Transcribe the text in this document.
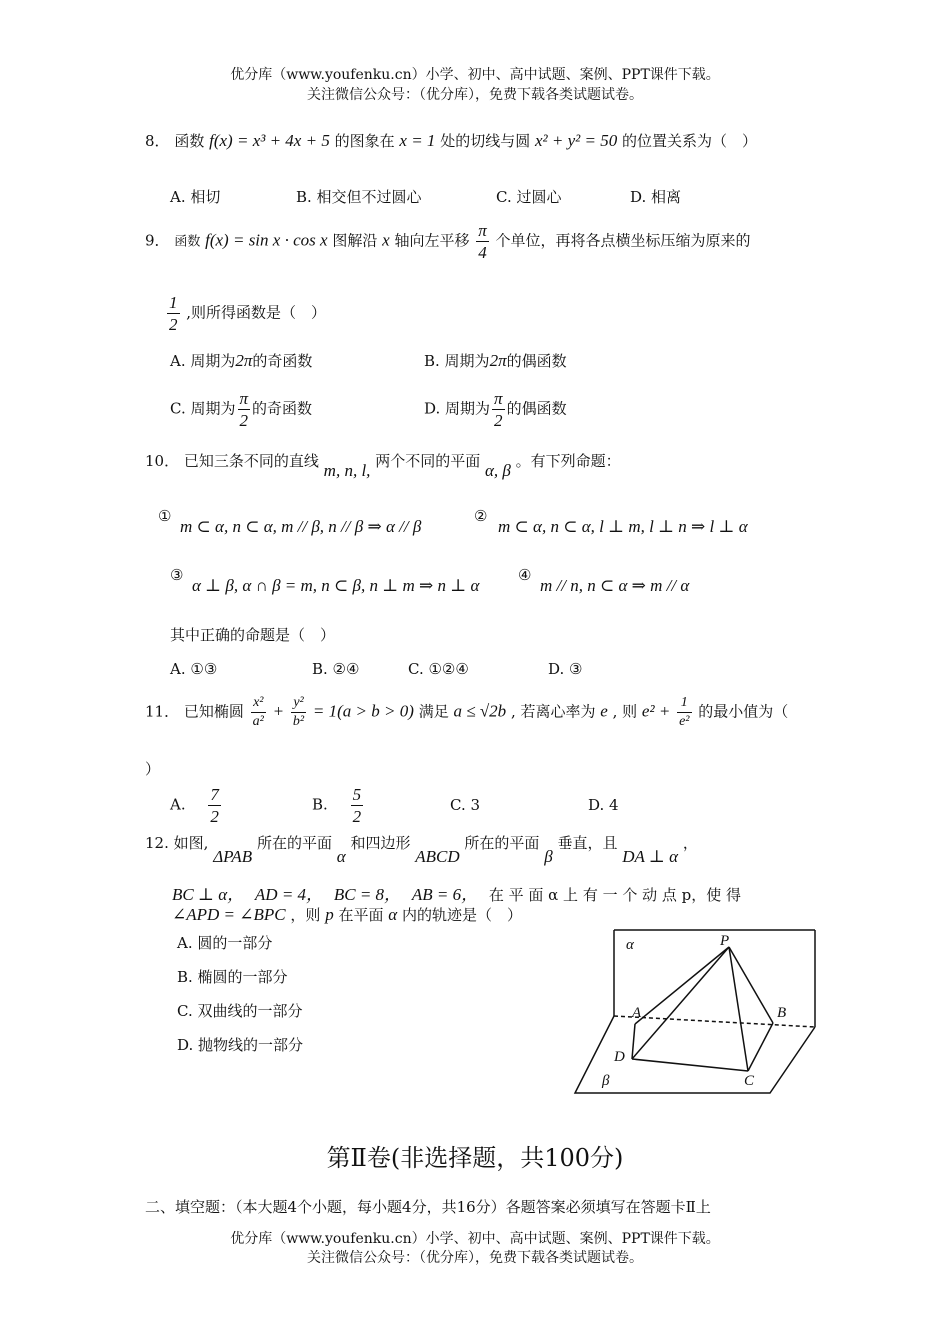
优分库（www.youfenku.cn）小学、初中、高中试题、案例、PPT课件下载。
关注微信公众号：（优分库），免费下载各类试题试卷。
8． 函数 f(x) = x³ + 4x + 5 的图象在 x = 1 处的切线与圆 x² + y² = 50 的位置关系为（　）
A. 相切	B. 相交但不过圆心	C. 过圆心	D. 相离
9． 函数 f(x) = sin x · cos x 图解沿 x 轴向左平移 $\frac{\pi}{4}$ 个单位，再将各点横坐标压缩为原来的
$\frac{1}{2}$ ,则所得函数是（　）
A. 周期为2π的奇函数	B. 周期为2π的偶函数
C. 周期为 $\frac{\pi}{2}$ 的奇函数	D. 周期为 $\frac{\pi}{2}$ 的偶函数
10． 已知三条不同的直线 m, n, l, 两个不同的平面 α, β 。有下列命题：
①
m ⊂ α, n ⊂ α, m // β, n // β ⇒ α // β
②
m ⊂ α, n ⊂ α, l ⊥ m, l ⊥ n ⇒ l ⊥ α
③
α ⊥ β, α ∩ β = m, n ⊂ β, n ⊥ m ⇒ n ⊥ α
④
m // n, n ⊂ α ⇒ m // α
其中正确的命题是（　）
A. ①③	B. ②④	C. ①②④	D. ③
11． 已知椭圆 $\frac{\text{x²}}{\text{a²}} + \frac{\text{y²}}{\text{b²}} = 1(a > b > 0)$ 满足 a ≤ √2b , 若离心率为 e , 则 $e^2 + \frac{1}{\text{e²}}$ 的最小值为（
）
A. $\frac{7}{2}$	B. $\frac{5}{2}$	C. 3	D. 4
12. 如图, ΔPAB 所在的平面 α 和四边形 ABCD 所在的平面 β 垂直，且 DA ⊥ α ，
BC ⊥ α， AD = 4， BC = 8， AB = 6， 在 平 面 α 上 有 一 个 动 点 p，使 得
∠APD = ∠BPC ，则 p 在平面 α 内的轨迹是（　）
A. 圆的一部分
B. 椭圆的一部分
C. 双曲线的一部分
D. 抛物线的一部分
α	P
A	B
D
C
β
第Ⅱ卷(非选择题，共100分)
二、填空题：（本大题4个小题，每小题4分，共16分）各题答案必须填写在答题卡Ⅱ上
优分库（www.youfenku.cn）小学、初中、高中试题、案例、PPT课件下载。
关注微信公众号：（优分库），免费下载各类试题试卷。
